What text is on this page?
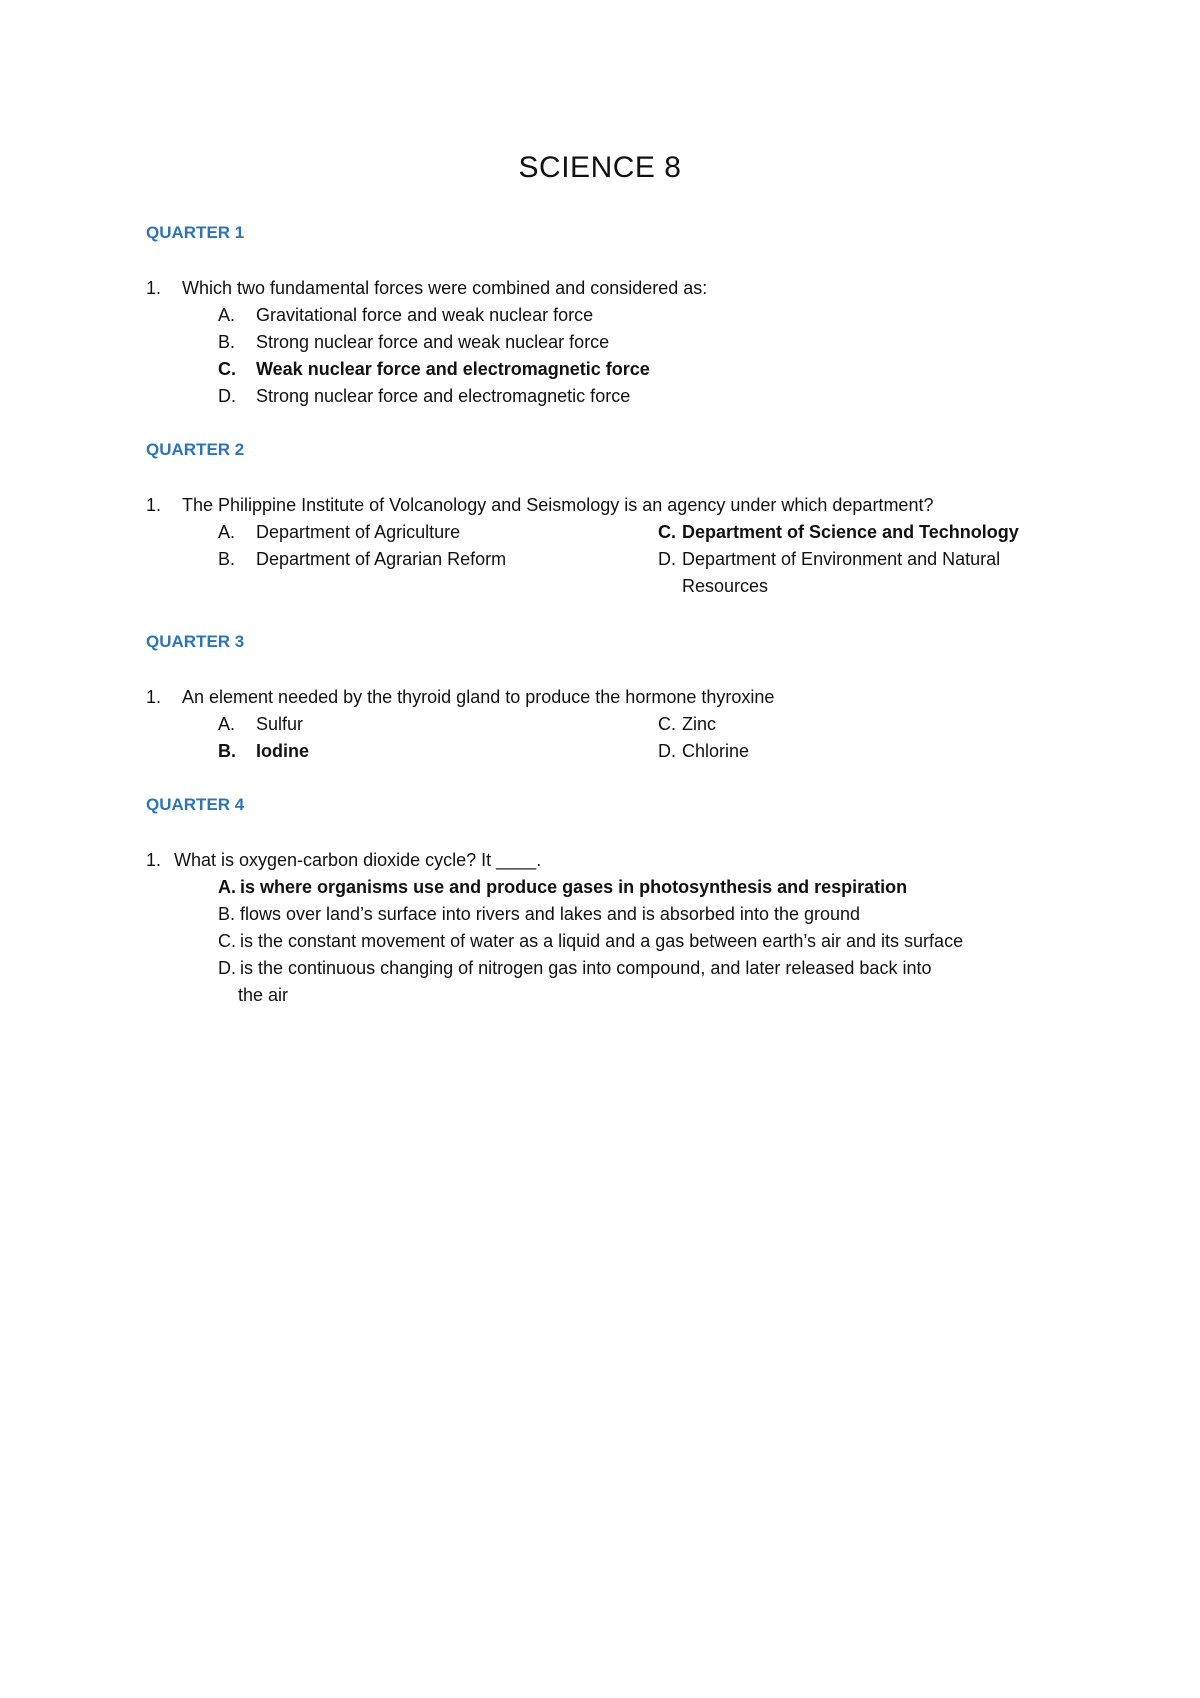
SCIENCE 8
QUARTER 1
1. Which two fundamental forces were combined and considered as:
A. Gravitational force and weak nuclear force
B. Strong nuclear force and weak nuclear force
C. Weak nuclear force and electromagnetic force
D. Strong nuclear force and electromagnetic force
QUARTER 2
1. The Philippine Institute of Volcanology and Seismology is an agency under which department?
A. Department of Agriculture
B. Department of Agrarian Reform
C. Department of Science and Technology
D. Department of Environment and Natural
Resources
QUARTER 3
1. An element needed by the thyroid gland to produce the hormone thyroxine
A. Sulfur
B. Iodine
C. Zinc
D. Chlorine
QUARTER 4
1. What is oxygen-carbon dioxide cycle? It ____.
A. is where organisms use and produce gases in photosynthesis and respiration
B. flows over land’s surface into rivers and lakes and is absorbed into the ground
C. is the constant movement of water as a liquid and a gas between earth’s air and its surface
D. is the continuous changing of nitrogen gas into compound, and later released back into
the air
